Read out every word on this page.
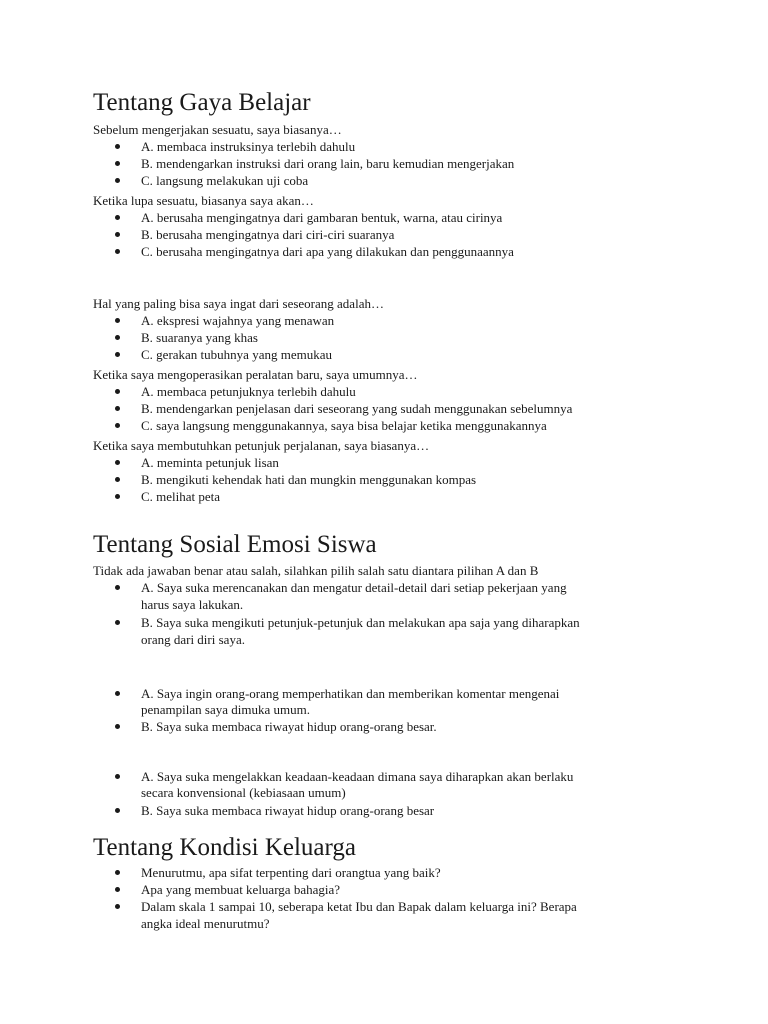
Tentang Gaya Belajar

Sebelum mengerjakan sesuatu, saya biasanya…

A. membaca instruksinya terlebih dahulu

B. mendengarkan instruksi dari orang lain, baru kemudian mengerjakan

C. langsung melakukan uji coba

Ketika lupa sesuatu, biasanya saya akan…

A. berusaha mengingatnya dari gambaran bentuk, warna, atau cirinya

B. berusaha mengingatnya dari ciri-ciri suaranya

C. berusaha mengingatnya dari apa yang dilakukan dan penggunaannya

Hal yang paling bisa saya ingat dari seseorang adalah…

A. ekspresi wajahnya yang menawan

B. suaranya yang khas

C. gerakan tubuhnya yang memukau

Ketika saya mengoperasikan peralatan baru, saya umumnya…

A. membaca petunjuknya terlebih dahulu

B. mendengarkan penjelasan dari seseorang yang sudah menggunakan sebelumnya

C. saya langsung menggunakannya, saya bisa belajar ketika menggunakannya

Ketika saya membutuhkan petunjuk perjalanan, saya biasanya…

A. meminta petunjuk lisan

B. mengikuti kehendak hati dan mungkin menggunakan kompas

C. melihat peta

Tentang Sosial Emosi Siswa

Tidak ada jawaban benar atau salah, silahkan pilih salah satu diantara pilihan A dan B

A. Saya suka merencanakan dan mengatur detail-detail dari setiap pekerjaan yang

harus saya lakukan.

B. Saya suka mengikuti petunjuk-petunjuk dan melakukan apa saja yang diharapkan

orang dari diri saya.

A. Saya ingin orang-orang memperhatikan dan memberikan komentar mengenai

penampilan saya dimuka umum.

B. Saya suka membaca riwayat hidup orang-orang besar.

A. Saya suka mengelakkan keadaan-keadaan dimana saya diharapkan akan berlaku

secara konvensional (kebiasaan umum)

B. Saya suka membaca riwayat hidup orang-orang besar

Tentang Kondisi Keluarga

Menurutmu, apa sifat terpenting dari orangtua yang baik?

Apa yang membuat keluarga bahagia?

Dalam skala 1 sampai 10, seberapa ketat Ibu dan Bapak dalam keluarga ini? Berapa

angka ideal menurutmu?
